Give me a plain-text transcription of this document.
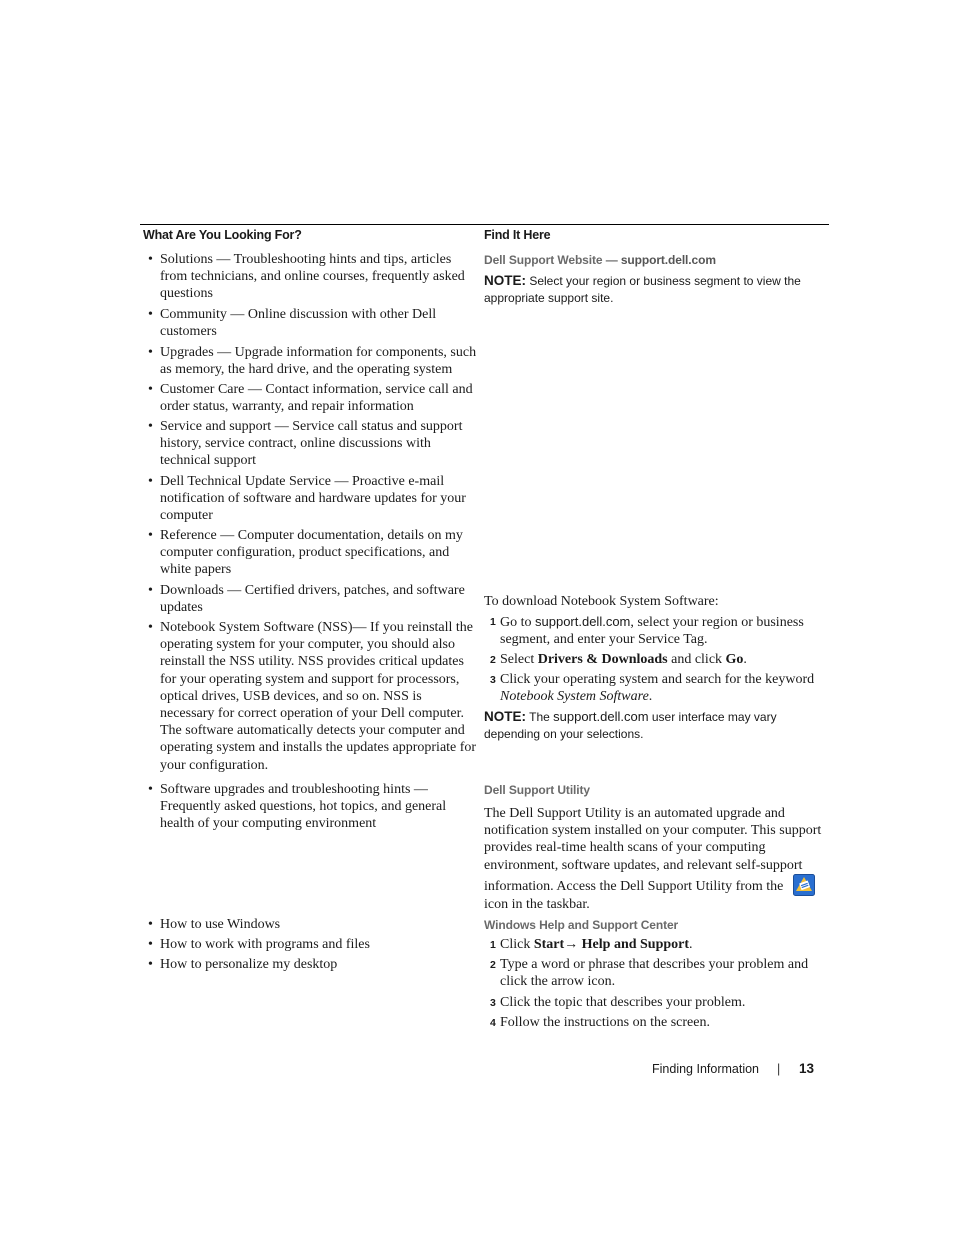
What Are You Looking For?	Find It Here
• Solutions — Troubleshooting hints and tips, articles from technicians, and online courses, frequently asked questions
• Community — Online discussion with other Dell customers
• Upgrades — Upgrade information for components, such as memory, the hard drive, and the operating system
• Customer Care — Contact information, service call and order status, warranty, and repair information
• Service and support — Service call status and support history, service contract, online discussions with technical support
• Dell Technical Update Service — Proactive e-mail notification of software and hardware updates for your computer
• Reference — Computer documentation, details on my computer configuration, product specifications, and white papers
• Downloads — Certified drivers, patches, and software updates
• Notebook System Software (NSS)— If you reinstall the operating system for your computer, you should also reinstall the NSS utility. NSS provides critical updates for your operating system and support for processors, optical drives, USB devices, and so on. NSS is necessary for correct operation of your Dell computer. The software automatically detects your computer and operating system and installs the updates appropriate for your configuration.
Dell Support Website — support.dell.com
NOTE: Select your region or business segment to view the appropriate support site.
To download Notebook System Software:
1 Go to support.dell.com, select your region or business segment, and enter your Service Tag.
2 Select Drivers & Downloads and click Go.
3 Click your operating system and search for the keyword Notebook System Software.
NOTE: The support.dell.com user interface may vary depending on your selections.
• Software upgrades and troubleshooting hints — Frequently asked questions, hot topics, and general health of your computing environment
Dell Support Utility
The Dell Support Utility is an automated upgrade and notification system installed on your computer. This support provides real-time health scans of your computing environment, software updates, and relevant self-support information. Access the Dell Support Utility from the
icon in the taskbar.
• How to use Windows
• How to work with programs and files
• How to personalize my desktop
Windows Help and Support Center
1 Click Start→ Help and Support.
2 Type a word or phrase that describes your problem and click the arrow icon.
3 Click the topic that describes your problem.
4 Follow the instructions on the screen.
Finding Information | 13
